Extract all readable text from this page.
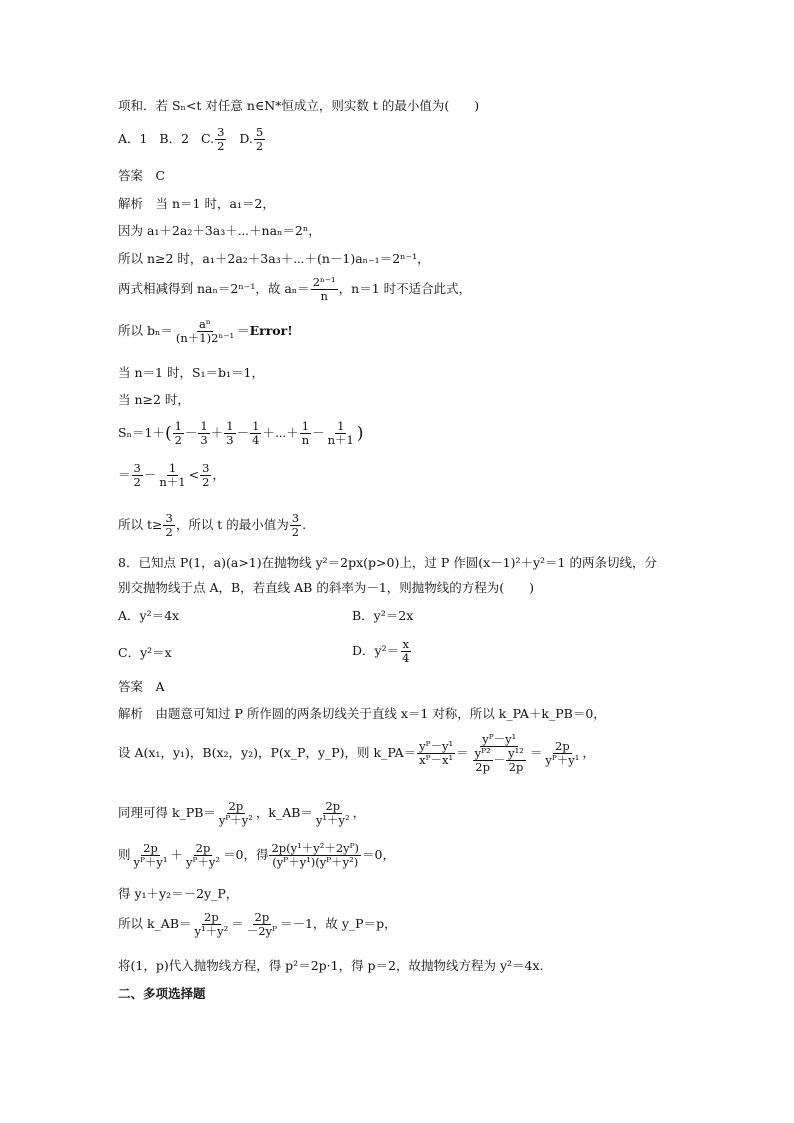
项和．若 Sₙ<t 对任意 n∈N*恒成立，则实数 t 的最小值为(　　)
A．1 B．2 C. $\frac{3}{2} D$. $\frac{5}{2}$
答案　C
解析　当 n＝1 时，a₁＝2，
因为 a₁＋2a₂＋3a₃＋⋯＋naₙ＝2ⁿ，
所以 n≥2 时，a₁＋2a₂＋3a₃＋⋯＋(n－1)aₙ₋₁＝2ⁿ⁻¹，
两式相减得到 naₙ＝2ⁿ⁻¹，故 $a_n= \frac{\text{2ⁿ⁻¹}}{n}$ ，n＝1 时不适合此式，
所以 $b_n= \frac{\text{aⁿ}}{\text{(n＋1)2ⁿ⁻¹}}$ ＝Error!
当 n＝1 时，S₁＝b₁＝1，
当 n≥2 时，
$S_n=1+( \frac{1}{2} - \frac{1}{3} + \frac{1}{3} - \frac{1}{4}$ ＋⋯＋ $\frac{1}{n} - \frac{1}{n+1}$ )
＝ $\frac{3}{2} - \frac{1}{n+1} < \frac{3}{2}$ ，
所以 $t\ge \frac{3}{2}$ ，所以 t 的最小值为 $\frac{3}{2}$ .
8．已知点 P(1，a)(a>1)在抛物线 y²＝2px(p>0)上，过 P 作圆(x－1)²＋y²＝1 的两条切线，分
别交抛物线于点 A，B，若直线 AB 的斜率为－1，则抛物线的方程为(　　)
A．y²＝4x	B．y²＝2x
C．y²＝x	D．$y^2= \frac{x}{4}$
答案　A
解析　由题意可知过 P 所作圆的两条切线关于直线 x＝1 对称，所以 k_PA＋k_PB＝0，
设 A(x₁，y₁)，B(x₂，y₂)，P(x_P，y_P)，则 k_PA＝ $\frac{\text{yᴾ－y¹}}{\text{xᴾ－x¹}} = \frac{\text{yᴾ－y¹}}{\frac{\text{yᴾ²}}{2p} - \frac{\text{y¹²}}{2p}} = \frac{2p}{\text{yᴾ＋y¹}}$ ，
同理可得 k_PB＝ $\frac{2p}{\text{yᴾ＋y²}}$ ，k_AB＝ $\frac{2p}{\text{y¹＋y²}}$ ，
则 $\frac{2p}{\text{yᴾ＋y¹}} + \frac{2p}{\text{yᴾ＋y²}} =0$，得 $\frac{\text{2p(y¹＋y²＋2yᴾ)}}{\text{(yᴾ＋y¹)(yᴾ＋y²)}} =0$，
得 y₁＋y₂＝－2y_P，
所以 k_AB＝ $\frac{2p}{\text{y¹＋y²}} = \frac{2p}{\text{－2yᴾ}} =-1$，故 y_P＝p，
将(1，p)代入抛物线方程，得 p²＝2p·1，得 p＝2，故抛物线方程为 y²＝4x.
二、多项选择题
